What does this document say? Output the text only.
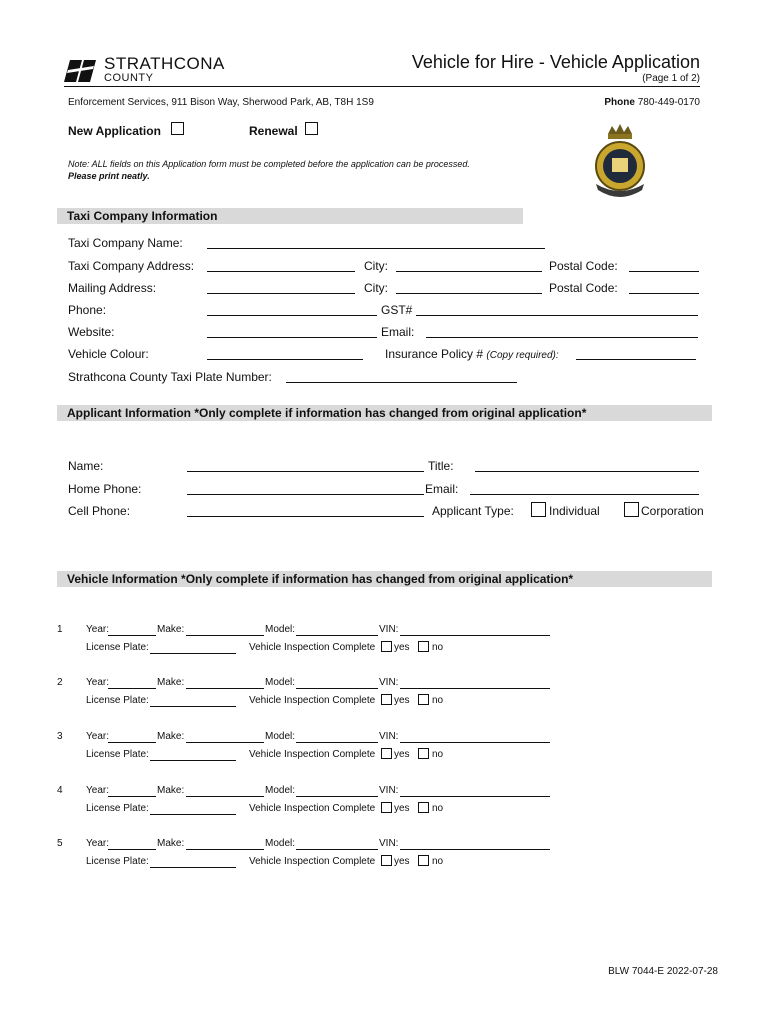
STRATHCONA
COUNTY
Vehicle for Hire - Vehicle Application
(Page 1 of 2)
Enforcement Services, 911 Bison Way, Sherwood Park, AB, T8H 1S9	Phone 780-449-0170
New Application	Renewal
Note: ALL fields on this Application form must be completed before the application can be processed.
Please print neatly.
Taxi Company Information
Taxi Company Name:
Taxi Company Address:	City:	Postal Code:
Mailing Address:	City:	Postal Code:
Phone:	GST#
Website:	Email:
Vehicle Colour:	Insurance Policy # (Copy required):
Strathcona County Taxi Plate Number:
Applicant Information *Only complete if information has changed from original application*
Name:	Title:
Home Phone:	Email:
Cell Phone:	Applicant Type:	Individual	Corporation
Vehicle Information *Only complete if information has changed from original application*
1 Year:	Make:	Model:	VIN:
License Plate:	Vehicle Inspection Complete yes no
2 Year:	Make:	Model:	VIN:
License Plate:	Vehicle Inspection Complete yes no
3 Year:	Make:	Model:	VIN:
License Plate:	Vehicle Inspection Complete yes no
4 Year:	Make:	Model:	VIN:
License Plate:	Vehicle Inspection Complete yes no
5 Year:	Make:	Model:	VIN:
License Plate:	Vehicle Inspection Complete yes no
BLW 7044-E 2022-07-28
